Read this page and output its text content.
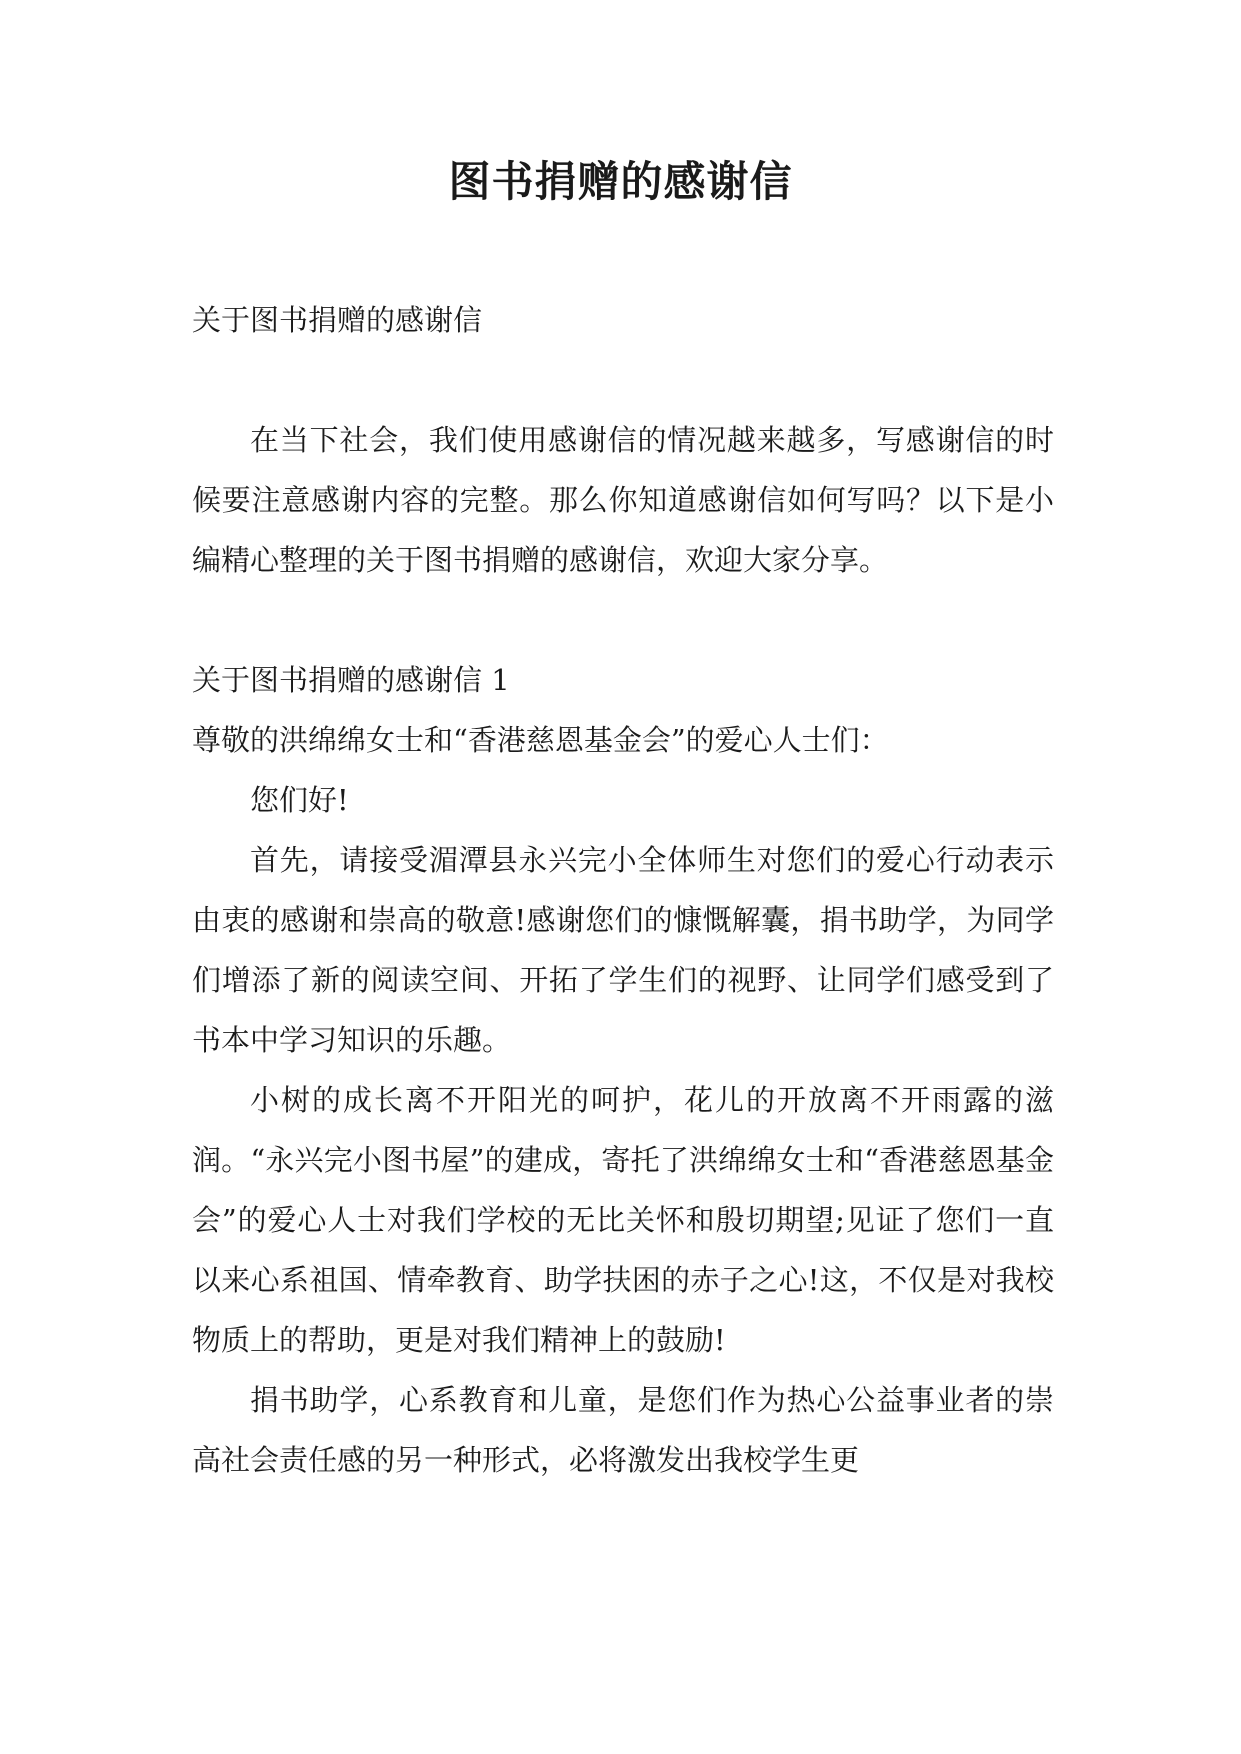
图书捐赠的感谢信

关于图书捐赠的感谢信

在当下社会，我们使用感谢信的情况越来越多，写感谢信的时候要注意感谢内容的完整。那么你知道感谢信如何写吗？以下是小编精心整理的关于图书捐赠的感谢信，欢迎大家分享。

关于图书捐赠的感谢信 1

尊敬的洪绵绵女士和“香港慈恩基金会”的爱心人士们：

您们好!

首先，请接受湄潭县永兴完小全体师生对您们的爱心行动表示由衷的感谢和崇高的敬意!感谢您们的慷慨解囊，捐书助学，为同学们增添了新的阅读空间、开拓了学生们的视野、让同学们感受到了书本中学习知识的乐趣。

小树的成长离不开阳光的呵护，花儿的开放离不开雨露的滋润。“永兴完小图书屋”的建成，寄托了洪绵绵女士和“香港慈恩基金会”的爱心人士对我们学校的无比关怀和殷切期望;见证了您们一直以来心系祖国、情牵教育、助学扶困的赤子之心!这，不仅是对我校物质上的帮助，更是对我们精神上的鼓励!

捐书助学，心系教育和儿童，是您们作为热心公益事业者的崇高社会责任感的另一种形式，必将激发出我校学生更
